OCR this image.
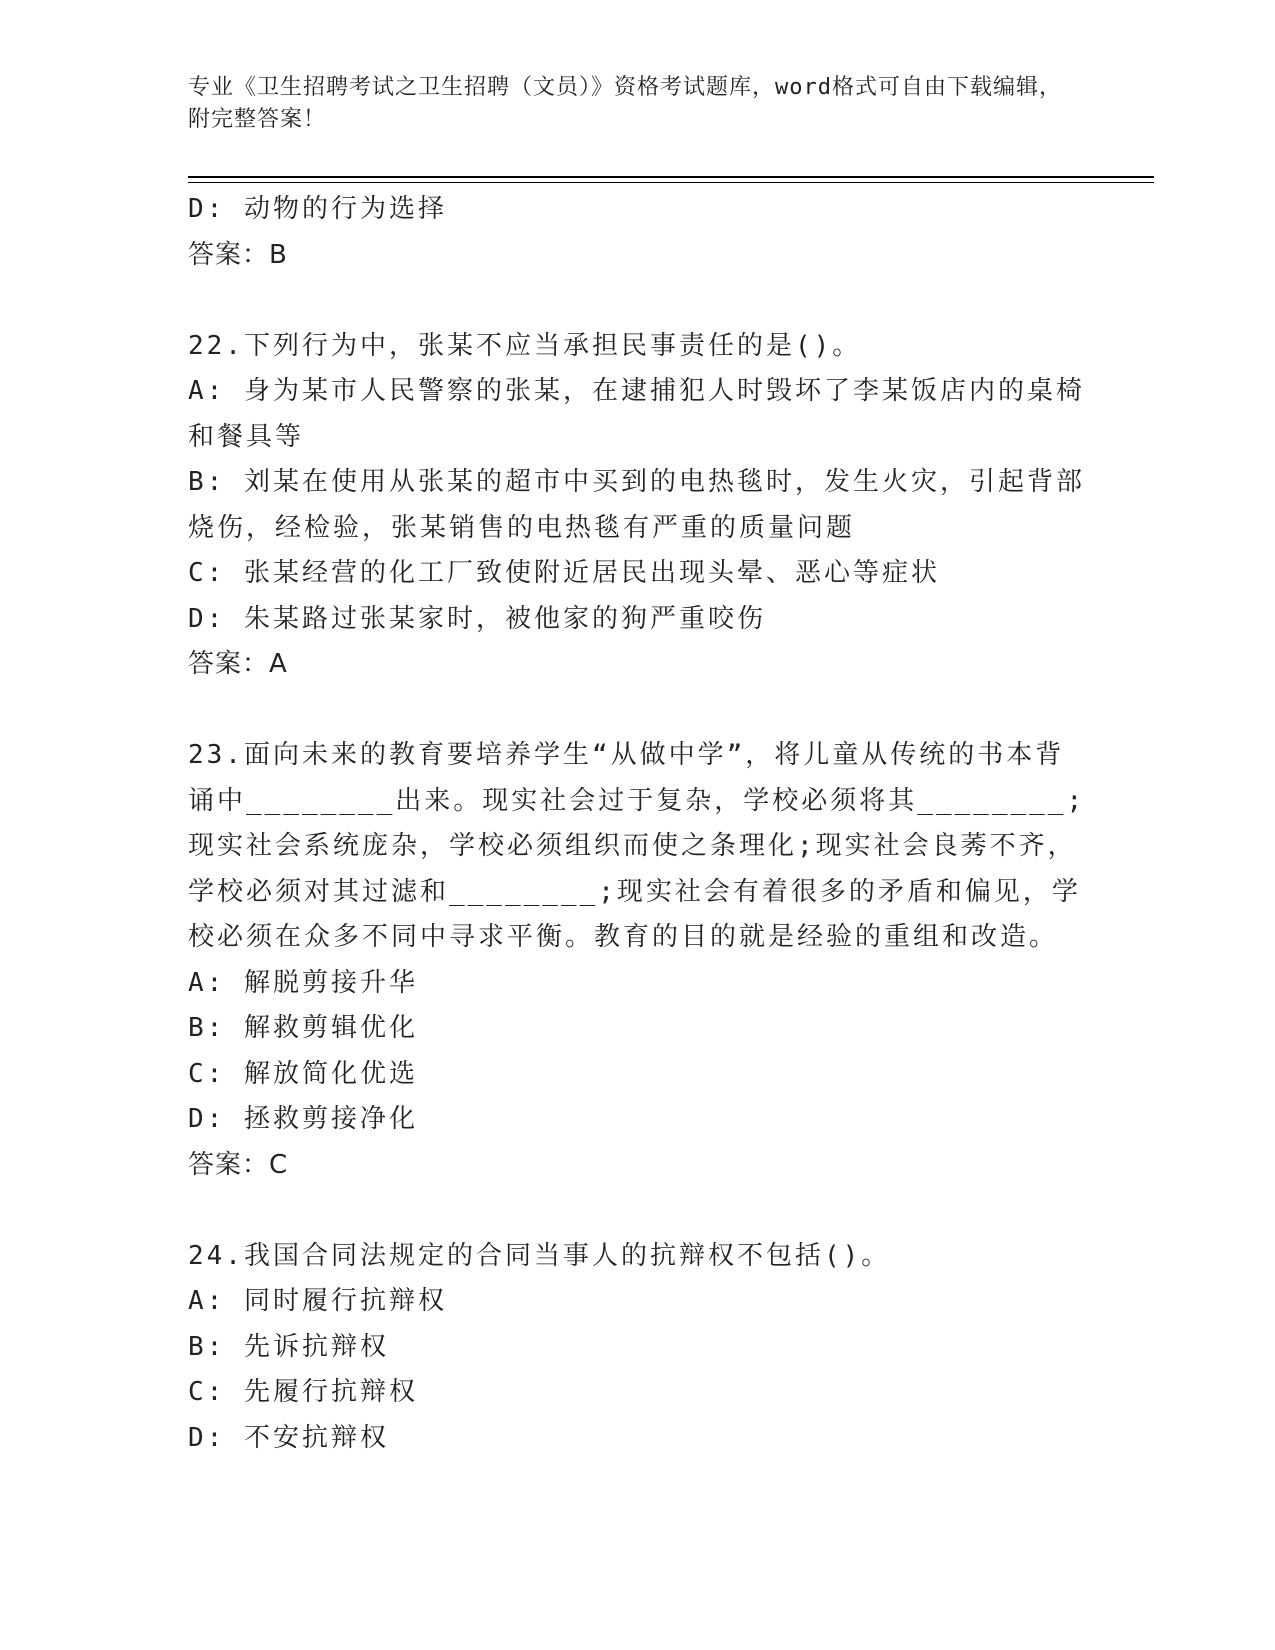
专业《卫生招聘考试之卫生招聘（文员）》资格考试题库，word格式可自由下载编辑，附完整答案！

D: 动物的行为选择

答案：B

22.下列行为中，张某不应当承担民事责任的是()。

A: 身为某市人民警察的张某，在逮捕犯人时毁坏了李某饭店内的桌椅和餐具等

B: 刘某在使用从张某的超市中买到的电热毯时，发生火灾，引起背部烧伤，经检验，张某销售的电热毯有严重的质量问题

C: 张某经营的化工厂致使附近居民出现头晕、恶心等症状

D: 朱某路过张某家时，被他家的狗严重咬伤

答案：A

23.面向未来的教育要培养学生“从做中学”，将儿童从传统的书本背诵中________出来。现实社会过于复杂，学校必须将其________;现实社会系统庞杂，学校必须组织而使之条理化;现实社会良莠不齐，学校必须对其过滤和________;现实社会有着很多的矛盾和偏见，学校必须在众多不同中寻求平衡。教育的目的就是经验的重组和改造。

A: 解脱剪接升华

B: 解救剪辑优化

C: 解放简化优选

D: 拯救剪接净化

答案：C

24.我国合同法规定的合同当事人的抗辩权不包括()。

A: 同时履行抗辩权

B: 先诉抗辩权

C: 先履行抗辩权

D: 不安抗辩权
